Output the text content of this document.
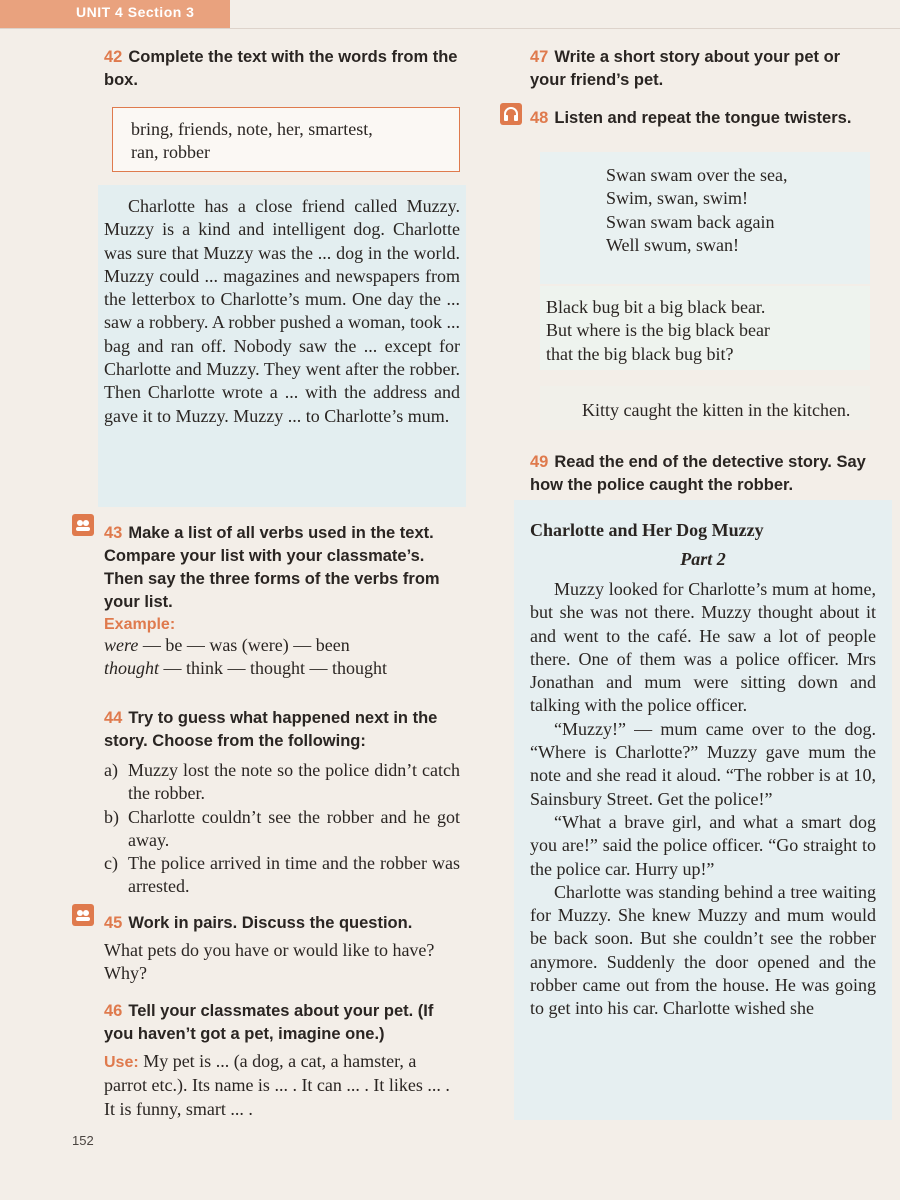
UNIT 4 Section 3

42 Complete the text with the words from the box.

bring, friends, note, her, smartest,
ran, robber

Charlotte has a close friend called Muzzy. Muzzy is a kind and intelligent dog. Charlotte was sure that Muzzy was the ... dog in the world. Muzzy could ... magazines and newspapers from the letterbox to Charlotte’s mum. One day the ... saw a robbery. A robber pushed a woman, took ... bag and ran off. Nobody saw the ... except for Charlotte and Muzzy. They went after the robber. Then Charlotte wrote a ... with the address and gave it to Muzzy. Muzzy ... to Charlotte’s mum.

43 Make a list of all verbs used in the text. Compare your list with your classmate’s. Then say the three forms of the verbs from your list.

Example:

were — be — was (were) — been

thought — think — thought — thought

44 Try to guess what happened next in the story. Choose from the following:

a) Muzzy lost the note so the police didn’t catch the robber.
b) Charlotte couldn’t see the robber and he got away.
c) The police arrived in time and the robber was arrested.

45 Work in pairs. Discuss the question.

What pets do you have or would like to have? Why?

46 Tell your classmates about your pet. (If you haven’t got a pet, imagine one.)

Use: My pet is ... (a dog, a cat, a hamster, a parrot etc.). Its name is ... . It can ... . It likes ... . It is funny, smart ... .

152

47 Write a short story about your pet or your friend’s pet.

48 Listen and repeat the tongue twisters.

Swan swam over the sea,
Swim, swan, swim!
Swan swam back again
Well swum, swan!
Black bug bit a big black bear.
But where is the big black bear
that the big black bug bit?
Kitty caught the kitten in the kitchen.

49 Read the end of the detective story. Say how the police caught the robber.

Charlotte and Her Dog Muzzy

Part 2

Muzzy looked for Charlotte’s mum at home, but she was not there. Muzzy thought about it and went to the café. He saw a lot of people there. One of them was a police officer. Mrs Jonathan and mum were sitting down and talking with the police officer.

“Muzzy!” — mum came over to the dog. “Where is Charlotte?” Muzzy gave mum the note and she read it aloud. “The robber is at 10, Sainsbury Street. Get the police!”

“What a brave girl, and what a smart dog you are!” said the police officer. “Go straight to the police car. Hurry up!”

Charlotte was standing behind a tree waiting for Muzzy. She knew Muzzy and mum would be back soon. But she couldn’t see the robber anymore. Suddenly the door opened and the robber came out from the house. He was going to get into his car. Charlotte wished she
